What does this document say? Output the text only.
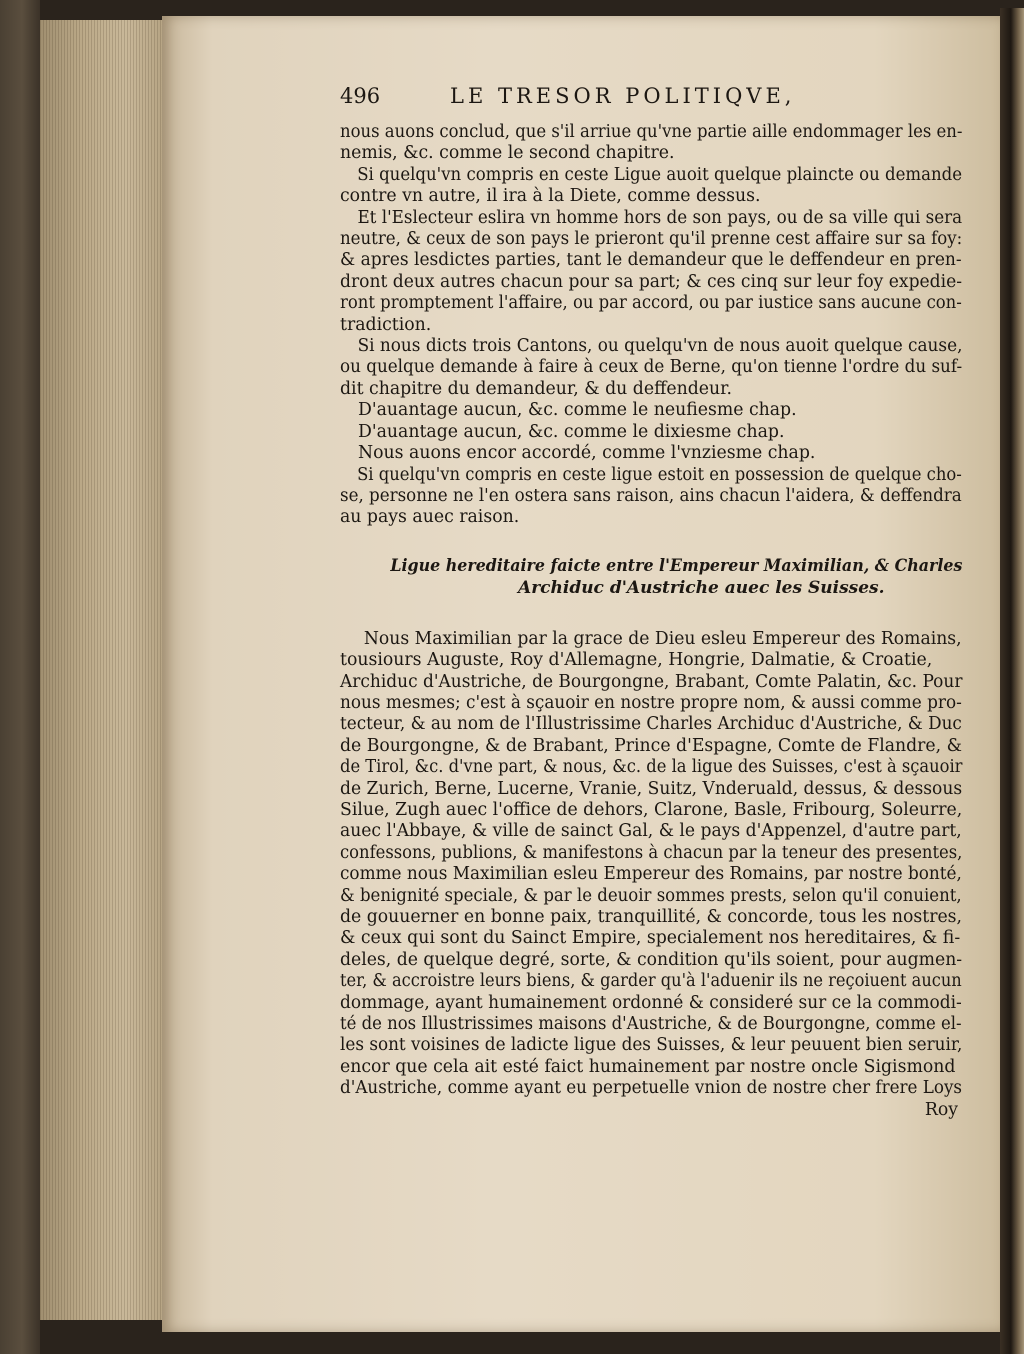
496	LE TRESOR POLITIQVE,
nous auons conclud, que s'il arriue qu'vne partie aille endommager les en-
nemis, &c. comme le second chapitre.
Si quelqu'vn compris en ceste Ligue auoit quelque plaincte ou demande
contre vn autre, il ira à la Diete, comme dessus.
Et l'Eslecteur eslira vn homme hors de son pays, ou de sa ville qui sera
neutre, & ceux de son pays le prieront qu'il prenne cest affaire sur sa foy:
& apres lesdictes parties, tant le demandeur que le deffendeur en pren-
dront deux autres chacun pour sa part; & ces cinq sur leur foy expedie-
ront promptement l'affaire, ou par accord, ou par iustice sans aucune con-
tradiction.
Si nous dicts trois Cantons, ou quelqu'vn de nous auoit quelque cause,
ou quelque demande à faire à ceux de Berne, qu'on tienne l'ordre du suf-
dit chapitre du demandeur, & du deffendeur.
D'auantage aucun, &c. comme le neufiesme chap.
D'auantage aucun, &c. comme le dixiesme chap.
Nous auons encor accordé, comme l'vnziesme chap.
Si quelqu'vn compris en ceste ligue estoit en possession de quelque cho-
se, personne ne l'en ostera sans raison, ains chacun l'aidera, & deffendra
au pays auec raison.
Ligue hereditaire faicte entre l'Empereur Maximilian, & Charles
Archiduc d'Austriche auec les Suisses.
Nous Maximilian par la grace de Dieu esleu Empereur des Romains,
tousiours Auguste, Roy d'Allemagne, Hongrie, Dalmatie, & Croatie,
Archiduc d'Austriche, de Bourgongne, Brabant, Comte Palatin, &c. Pour
nous mesmes; c'est à sçauoir en nostre propre nom, & aussi comme pro-
tecteur, & au nom de l'Illustrissime Charles Archiduc d'Austriche, & Duc
de Bourgongne, & de Brabant, Prince d'Espagne, Comte de Flandre, &
de Tirol, &c. d'vne part, & nous, &c. de la ligue des Suisses, c'est à sçauoir
de Zurich, Berne, Lucerne, Vranie, Suitz, Vnderuald, dessus, & dessous
Silue, Zugh auec l'office de dehors, Clarone, Basle, Fribourg, Soleurre,
auec l'Abbaye, & ville de sainct Gal, & le pays d'Appenzel, d'autre part,
confessons, publions, & manifestons à chacun par la teneur des presentes,
comme nous Maximilian esleu Empereur des Romains, par nostre bonté,
& benignité speciale, & par le deuoir sommes prests, selon qu'il conuient,
de gouuerner en bonne paix, tranquillité, & concorde, tous les nostres,
& ceux qui sont du Sainct Empire, specialement nos hereditaires, & fi-
deles, de quelque degré, sorte, & condition qu'ils soient, pour augmen-
ter, & accroistre leurs biens, & garder qu'à l'aduenir ils ne reçoiuent aucun
dommage, ayant humainement ordonné & consideré sur ce la commodi-
té de nos Illustrissimes maisons d'Austriche, & de Bourgongne, comme el-
les sont voisines de ladicte ligue des Suisses, & leur peuuent bien seruir,
encor que cela ait esté faict humainement par nostre oncle Sigismond
d'Austriche, comme ayant eu perpetuelle vnion de nostre cher frere Loys
Roy
